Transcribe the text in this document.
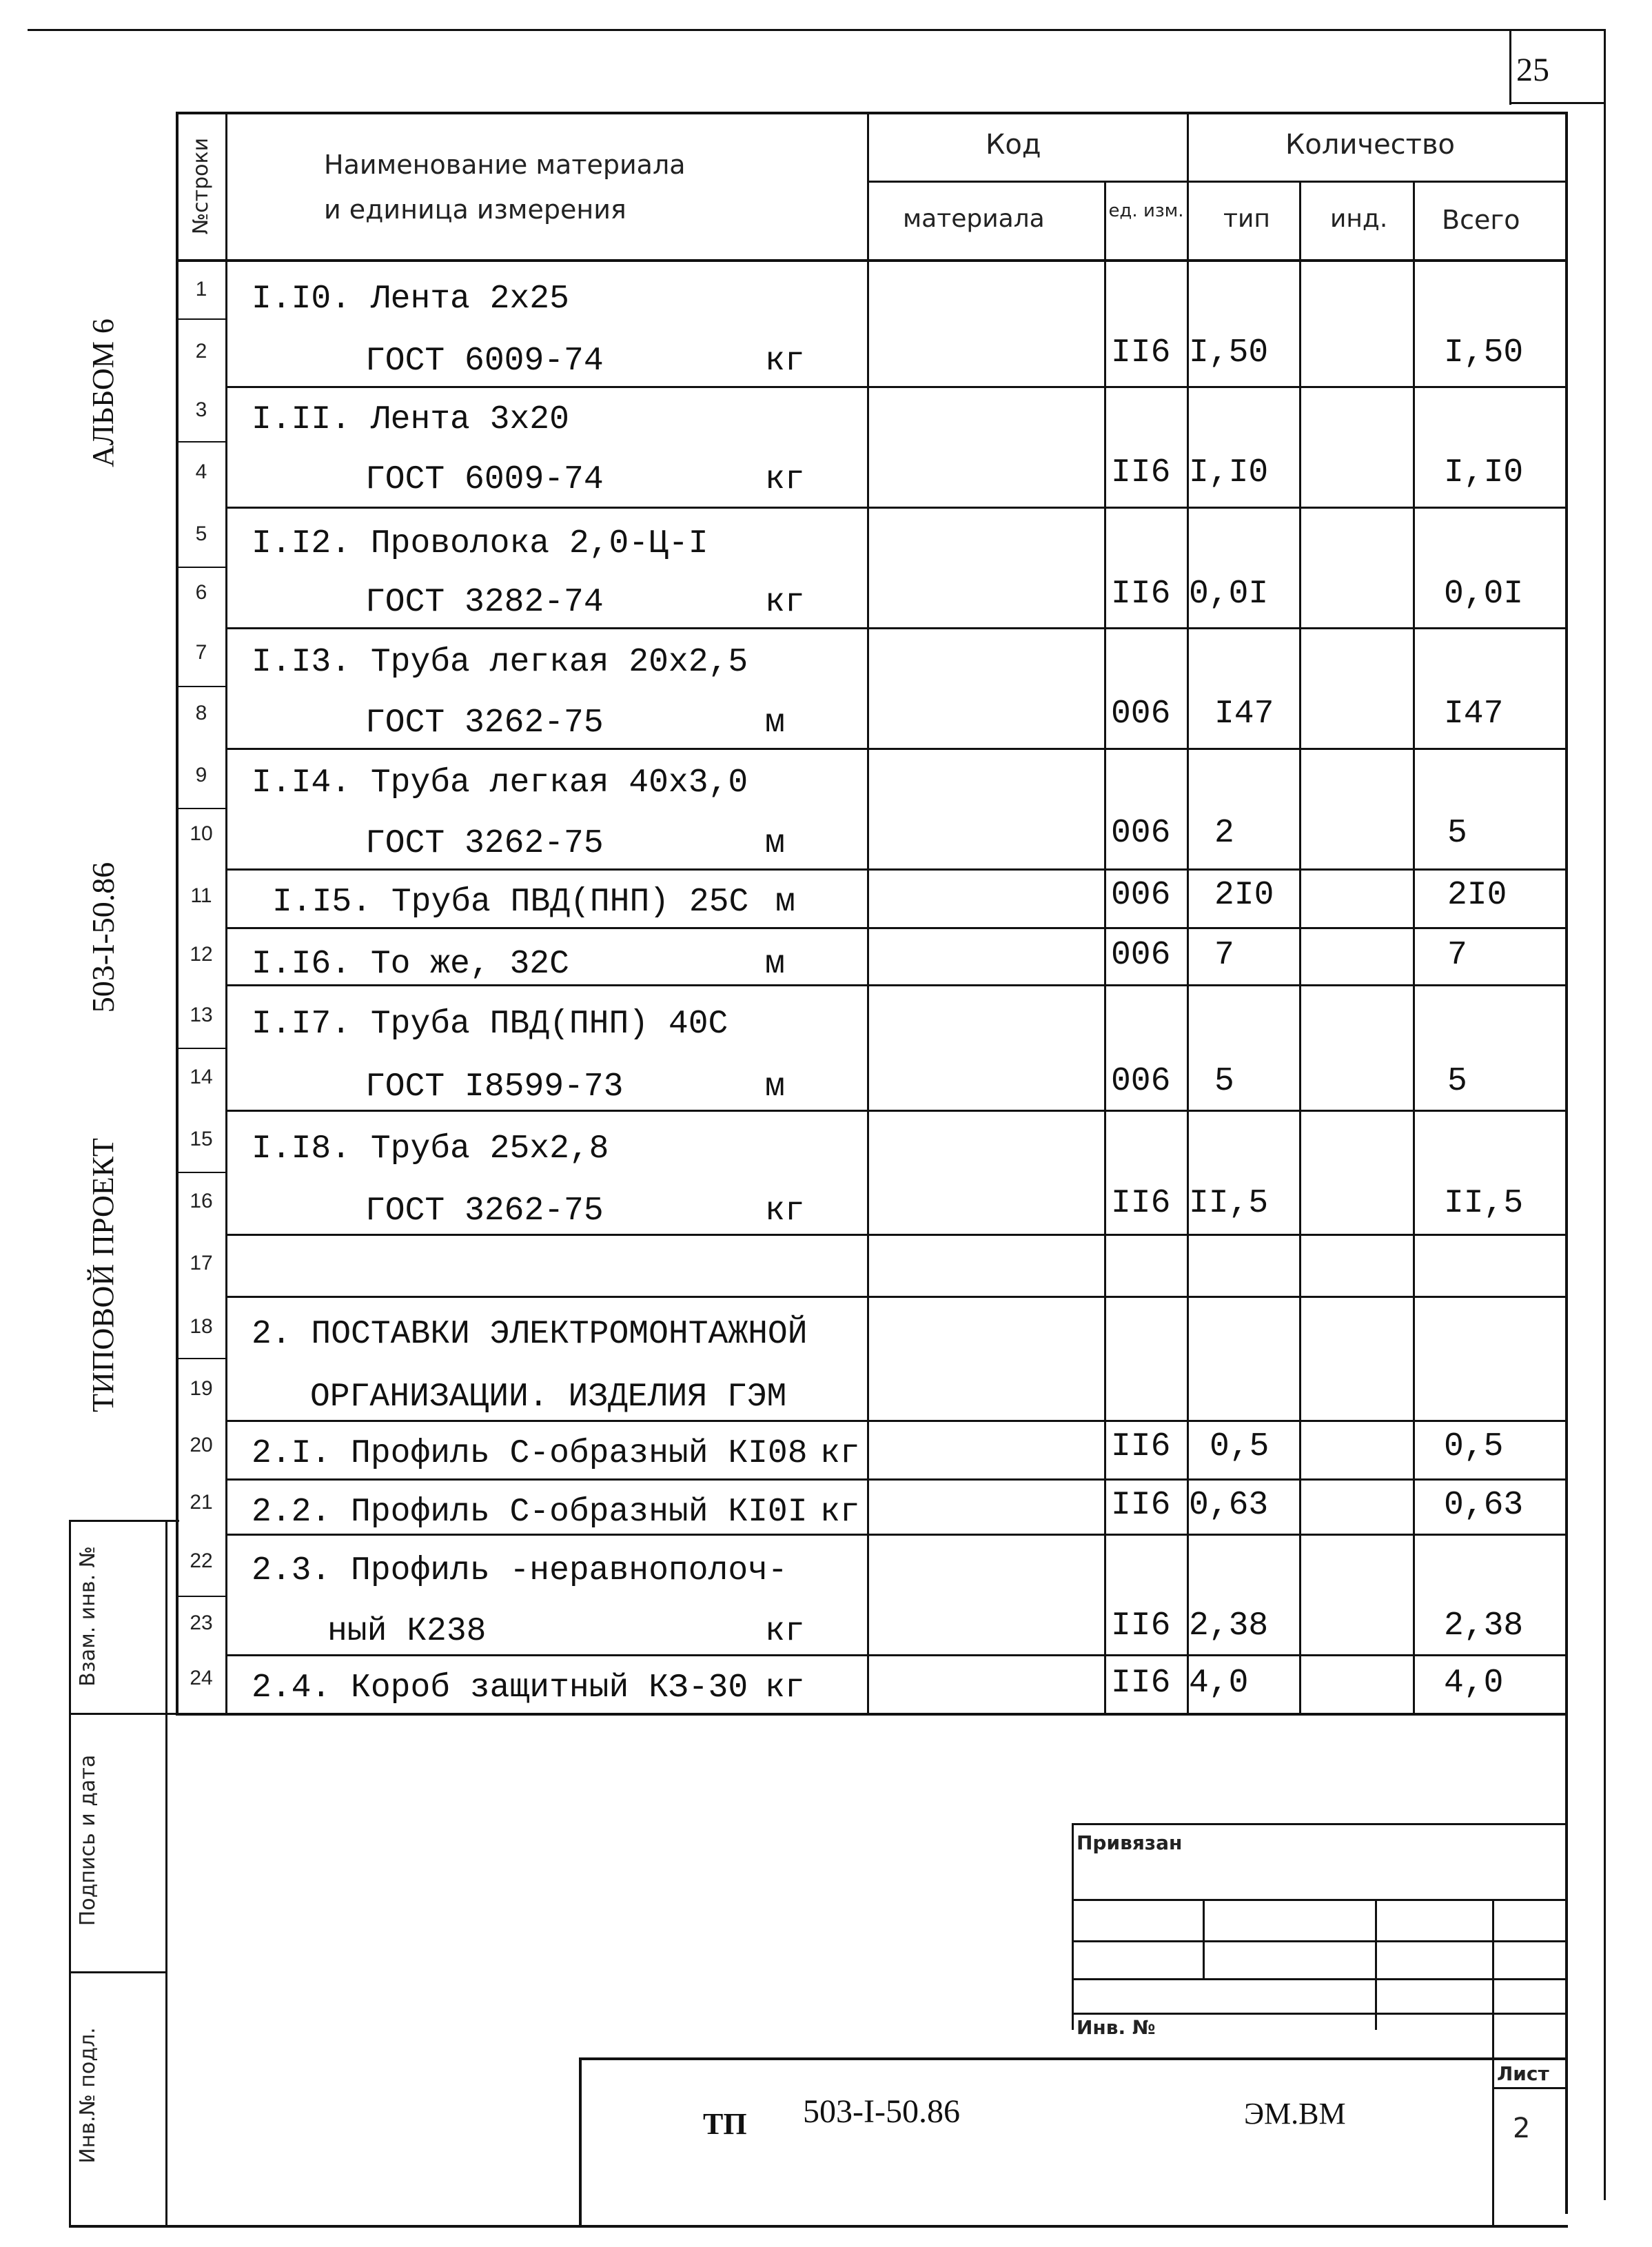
25
№строки	Наименование материала
и единица измерения
Код
материала	ед. изм.
Количество
тип инд. Всего
1	I.I0. Лента 2х25
2	ГОСТ 6009-74	кг	II6 I,50	I,50
3	I.II. Лента 3х20
4	ГОСТ 6009-74	кг	II6 I,I0	I,I0
5	I.I2. Проволока 2,0-Ц-I
6	ГОСТ 3282-74	кг	II6 0,0I	0,0I
7	I.I3. Труба легкая 20х2,5
8	ГОСТ 3262-75	м	006 I47	I47
9	I.I4. Труба легкая 40х3,0
10	ГОСТ 3262-75	м	006 2	5
11 I.I5. Труба ПВД(ПНП) 25С м	006 2I0	2I0
12 I.I6. То же, 32С	м	006 7	7
13 I.I7. Труба ПВД(ПНП) 40С
14	ГОСТ I8599-73	м	006 5	5
15 I.I8. Труба 25х2,8
16	ГОСТ 3262-75	кг	II6 II,5	II,5
17
18 2. ПОСТАВКИ ЭЛЕКТРОМОНТАЖНОЙ
19	ОРГАНИЗАЦИИ. ИЗДЕЛИЯ ГЭМ
20 2.I. Профиль С-образный КI08 кг	II6 0,5	0,5
21 2.2. Профиль С-образный КI0I кг	II6 0,63	0,63
22 2.3. Профиль -неравнополоч-
23	ный К238	кг	II6 2,38	2,38
24 2.4. Короб защитный КЗ-30 кг	II6 4,0	4,0
Взам. инв. №
Подпись и дата
Инв.№ подл.
АЛЬБОМ 6
503-I-50.86
ТИПОВОЙ ПРОЕКТ
Привязан
Инв. №
ТП 503-I-50.86	ЭМ.ВМ
Лист
2
